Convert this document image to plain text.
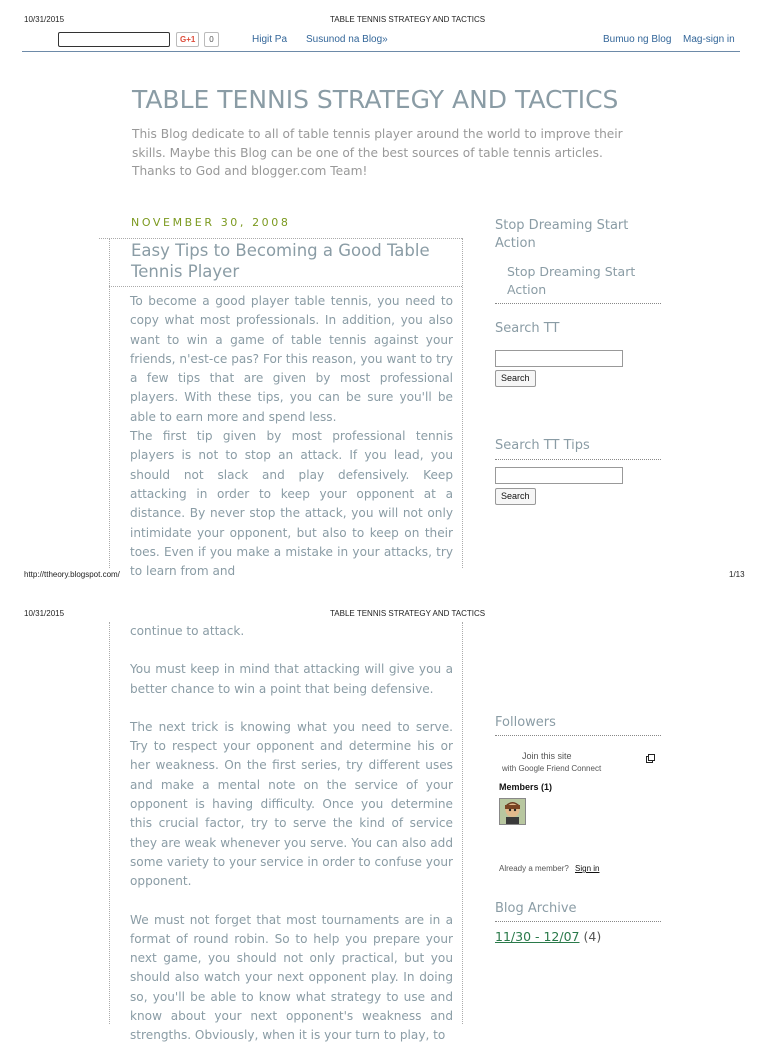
10/31/2015	TABLE TENNIS STRATEGY AND TACTICS
G+1	0	Higit Pa Susunod na Blog»	Bumuo ng Blog Mag-sign in
TABLE TENNIS STRATEGY AND TACTICS
This Blog dedicate to all of table tennis player around the world to improve their skills. Maybe this Blog can be one of the best sources of table tennis articles. Thanks to God and blogger.com Team!
NOVEMBER 30, 2008
Easy Tips to Becoming a Good Table Tennis Player

To become a good player table tennis, you need to copy what most professionals. In addition, you also want to win a game of table tennis against your friends, n'est-ce pas? For this reason, you want to try a few tips that are given by most professional players. With these tips, you can be sure you'll be able to earn more and spend less.

The first tip given by most professional tennis players is not to stop an attack. If you lead, you should not slack and play defensively. Keep attacking in order to keep your opponent at a distance. By never stop the attack, you will not only intimidate your opponent, but also to keep on their toes. Even if you make a mistake in your attacks, try to learn from and

Stop Dreaming Start Action
Stop Dreaming Start Action
Search TT
Search
Search TT Tips
Search
http://ttheory.blogspot.com/	1/13
10/31/2015	TABLE TENNIS STRATEGY AND TACTICS

continue to attack.

You must keep in mind that attacking will give you a better chance to win a point that being defensive.

The next trick is knowing what you need to serve. Try to respect your opponent and determine his or her weakness. On the first series, try different uses and make a mental note on the service of your opponent is having difficulty. Once you determine this crucial factor, try to serve the kind of service they are weak whenever you serve. You can also add some variety to your service in order to confuse your opponent.

We must not forget that most tournaments are in a format of round robin. So to help you prepare your next game, you should not only practical, but you should also watch your next opponent play. In doing so, you'll be able to know what strategy to use and know about your next opponent's weakness and strengths. Obviously, when it is your turn to play, to

Followers
Join this site
with Google Friend Connect
Members (1)
Already a member? Sign in
Blog Archive
11/30 - 12/07 (4)
